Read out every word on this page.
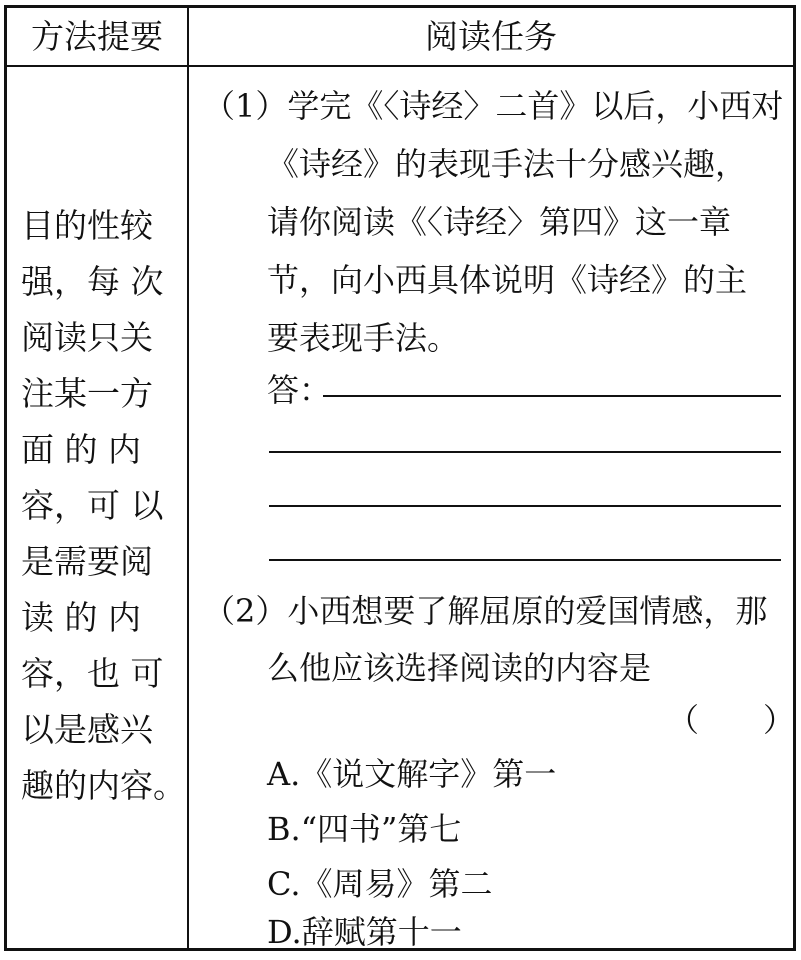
方法提要	阅读任务
目的性较
强，每 次
阅读只关
注某一方
面 的 内
容，可 以
是需要阅
读 的 内
容，也 可
以是感兴
趣的内容。
（1）学完《〈诗经〉二首》以后，小西对
《诗经》的表现手法十分感兴趣，
请你阅读《〈诗经〉第四》这一章
节，向小西具体说明《诗经》的主
要表现手法。
答：
（2）小西想要了解屈原的爱国情感，那
么他应该选择阅读的内容是
（　　）
A.《说文解字》第一
B.“四书”第七
C.《周易》第二
D.辞赋第十一
